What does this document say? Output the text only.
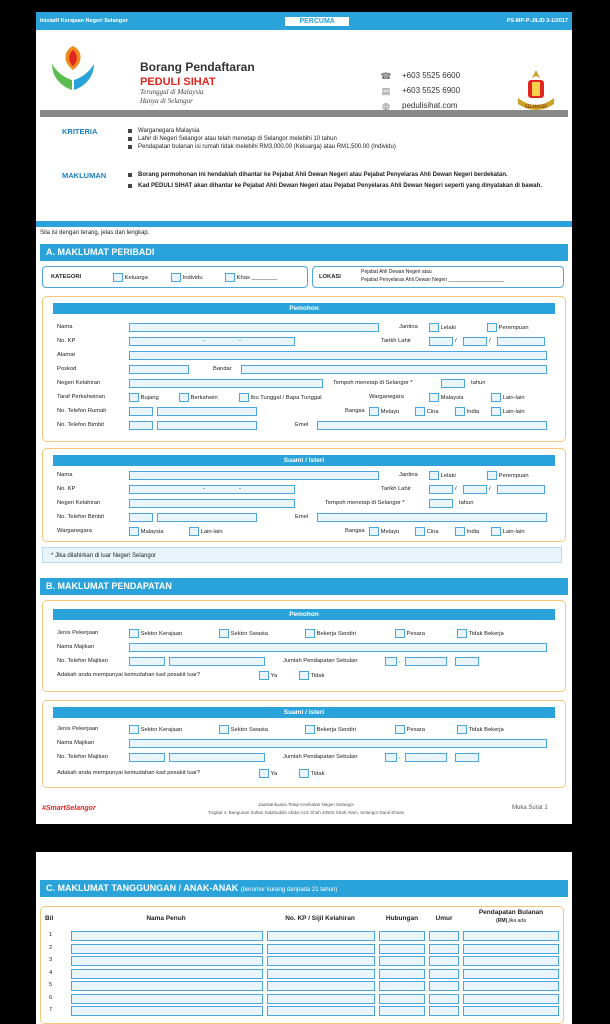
Inisiatif Kerajaan Negeri Selangor	PERCUMA	PS-MP-P-JILID 3-1/2017
Borang Pendaftaran
PEDULI SIHAT
Terunggul di Malaysia
Hanya di Selangor
☎ +603 5525 6600
▤ +603 5525 6900
◍ pedulisihat.com	SELANGOR
KRITERIA	Warganegara Malaysia
Lahir di Negeri Selangor atau telah menetap di Selangor melebihi 10 tahun
Pendapatan bulanan isi rumah tidak melebihi RM3,000.00 (Keluarga) atau RM1,500.00 (Individu)
MAKLUMAN	Borang permohonan ini hendaklah dihantar ke Pejabat Ahli Dewan Negeri atau Pejabat Penyelaras Ahli Dewan Negeri berdekatan.
Kad PEDULI SIHAT akan dihantar ke Pejabat Ahli Dewan Negeri atau Pejabat Penyelaras Ahli Dewan Negeri seperti yang dinyatakan di bawah.
Sila isi dengan terang, jelas dan lengkap.
A. MAKLUMAT PERIBADI
KATEGORI	Keluarga	Individu	Khas ________	LOKASI
Pejabat Ahli Dewan Negeri atau
Pejabat Penyelaras Ahli Dewan Negeri ____________________
Pemohon
Nama	Jantina	Lelaki	Perempuan
No. KP	-	-	Tarikh Lahir	/	/
Alamat
Poskod	Bandar
Negeri Kelahiran	Tempoh menetap di Selangor *	tahun
Taraf Perkahwinan	Bujang	Berkahwin	Ibu Tunggal / Bapa Tunggal	Warganegara	Malaysia	Lain-lain
No. Telefon Rumah	Bangsa	Melayu	Cina	India	Lain-lain
No. Telefon Bimbit	Emel
Suami / Isteri
Nama	Jantina	Lelaki	Perempuan
No. KP	-	-	Tarikh Lahir	/	/
Negeri Kelahiran	Tempoh menetap di Selangor *	tahun
No. Telefon Bimbit	Emel
Warganegara	Malaysia	Lain-lain	Bangsa	Melayu	Cina	India	Lain-lain
* Jika dilahirkan di luar Negeri Selangor
B. MAKLUMAT PENDAPATAN
Pemohon
Jenis Pekerjaan	Sektor Kerajaan	Sektor Swasta	Bekerja Sendiri	Pesara	Tidak Bekerja
Nama Majikan
No. Telefon Majikan	Jumlah Pendapatan Sebulan	,	.
Adakah anda mempunyai kemudahan kad pesakit luar?	Ya	Tidak
Suami / Isteri
Jenis Pekerjaan	Sektor Kerajaan	Sektor Swasta	Bekerja Sendiri	Pesara	Tidak Bekerja
Nama Majikan
No. Telefon Majikan	Jumlah Pendapatan Sebulan	,	.
Adakah anda mempunyai kemudahan kad pesakit luar?	Ya	Tidak
#SmartSelangor
Jawatankuasa Tetap Kesihatan Negeri Selangor
Tingkat 4, Bangunan Sultan Salahuddin Abdul Aziz Shah 40503 Shah Alam, Selangor Darul Ehsan
Muka Surat 1
C. MAKLUMAT TANGGUNGAN / ANAK-ANAK (berumur kurang daripada 21 tahun)
Bil	Nama Penuh	No. KP / Sijil Kelahiran	Hubungan	Umur
Pendapatan Bulanan
(RM) jika ada
1
2
3
4
5
6
7
